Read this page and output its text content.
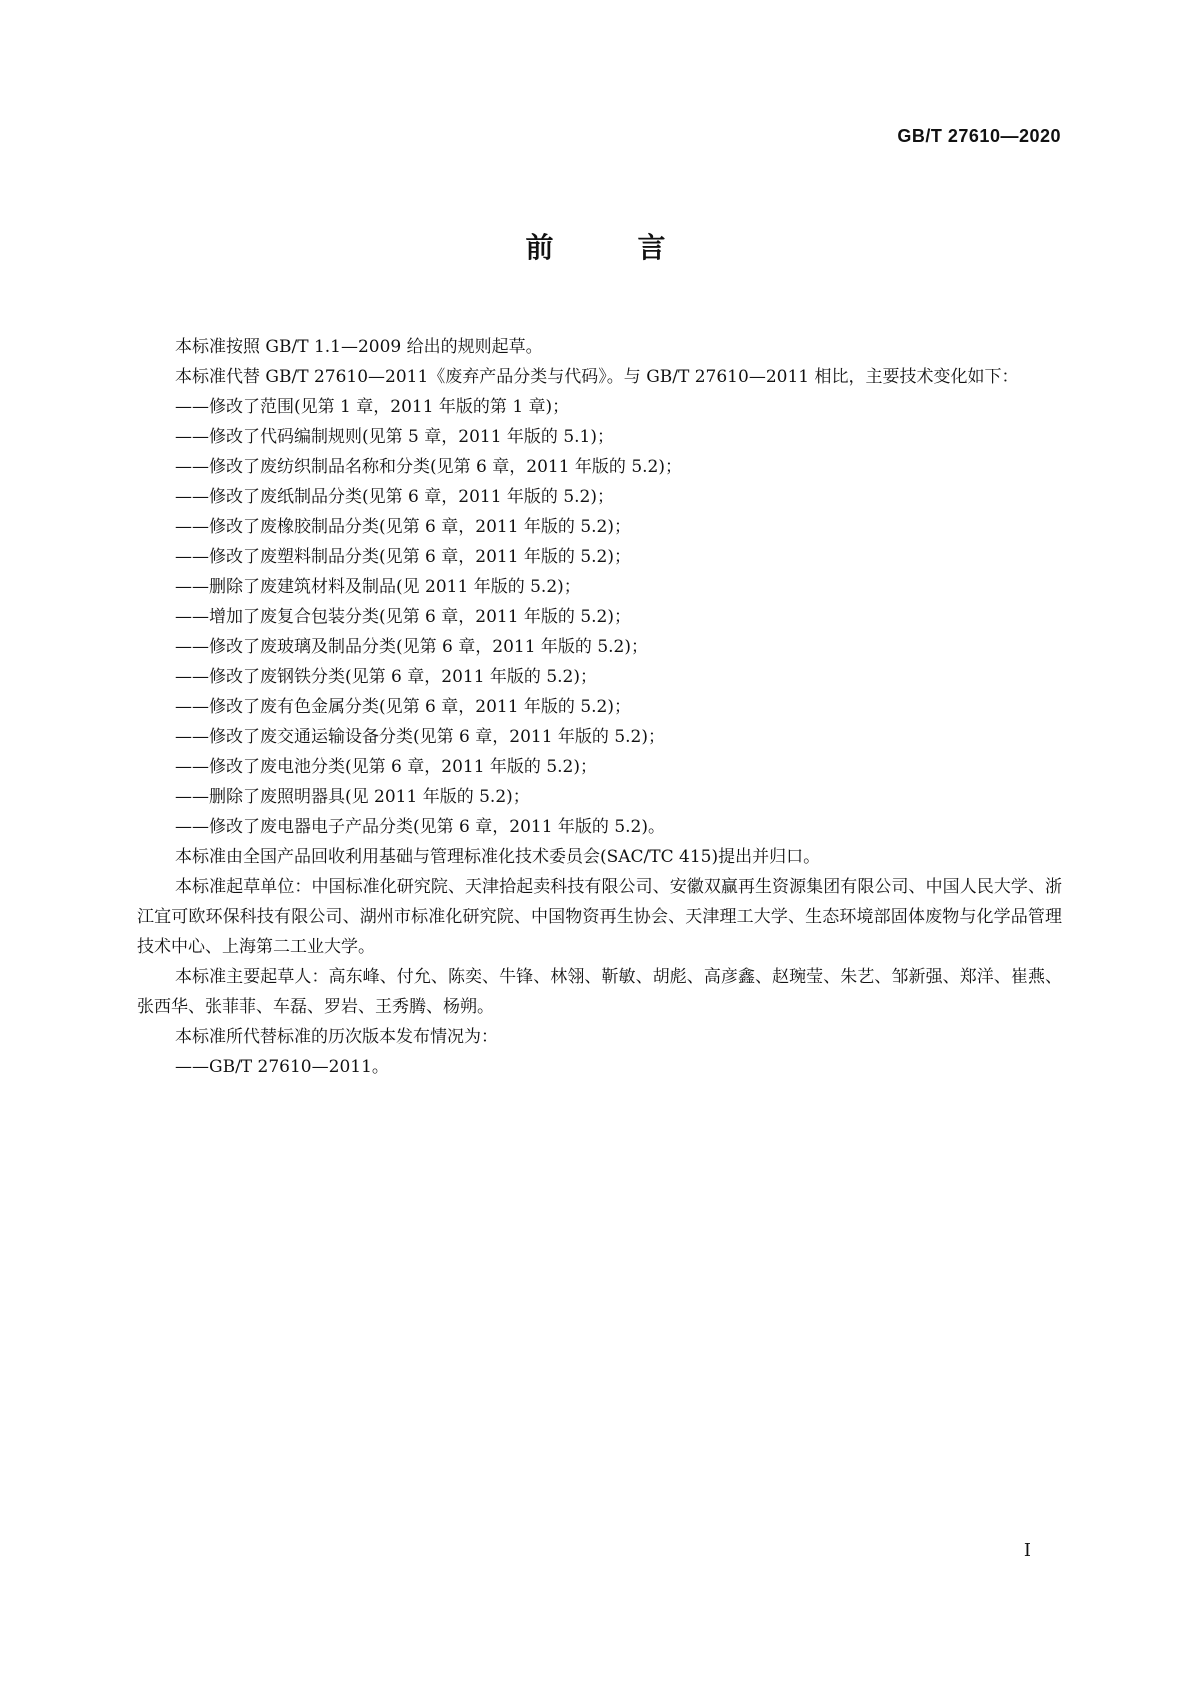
GB/T 27610—2020
前　言
本标准按照 GB/T 1.1—2009 给出的规则起草。
本标准代替 GB/T 27610—2011《废弃产品分类与代码》。与 GB/T 27610—2011 相比，主要技术变化如下：
——修改了范围(见第 1 章，2011 年版的第 1 章)；
——修改了代码编制规则(见第 5 章，2011 年版的 5.1)；
——修改了废纺织制品名称和分类(见第 6 章，2011 年版的 5.2)；
——修改了废纸制品分类(见第 6 章，2011 年版的 5.2)；
——修改了废橡胶制品分类(见第 6 章，2011 年版的 5.2)；
——修改了废塑料制品分类(见第 6 章，2011 年版的 5.2)；
——删除了废建筑材料及制品(见 2011 年版的 5.2)；
——增加了废复合包装分类(见第 6 章，2011 年版的 5.2)；
——修改了废玻璃及制品分类(见第 6 章，2011 年版的 5.2)；
——修改了废钢铁分类(见第 6 章，2011 年版的 5.2)；
——修改了废有色金属分类(见第 6 章，2011 年版的 5.2)；
——修改了废交通运输设备分类(见第 6 章，2011 年版的 5.2)；
——修改了废电池分类(见第 6 章，2011 年版的 5.2)；
——删除了废照明器具(见 2011 年版的 5.2)；
——修改了废电器电子产品分类(见第 6 章，2011 年版的 5.2)。
本标准由全国产品回收利用基础与管理标准化技术委员会(SAC/TC 415)提出并归口。
本标准起草单位：中国标准化研究院、天津拾起卖科技有限公司、安徽双赢再生资源集团有限公司、中国人民大学、浙江宜可欧环保科技有限公司、湖州市标准化研究院、中国物资再生协会、天津理工大学、生态环境部固体废物与化学品管理技术中心、上海第二工业大学。
本标准主要起草人：高东峰、付允、陈奕、牛锋、林翎、靳敏、胡彪、高彦鑫、赵琬莹、朱艺、邹新强、郑洋、崔燕、张西华、张菲菲、车磊、罗岩、王秀腾、杨朔。
本标准所代替标准的历次版本发布情况为：
——GB/T 27610—2011。
I
